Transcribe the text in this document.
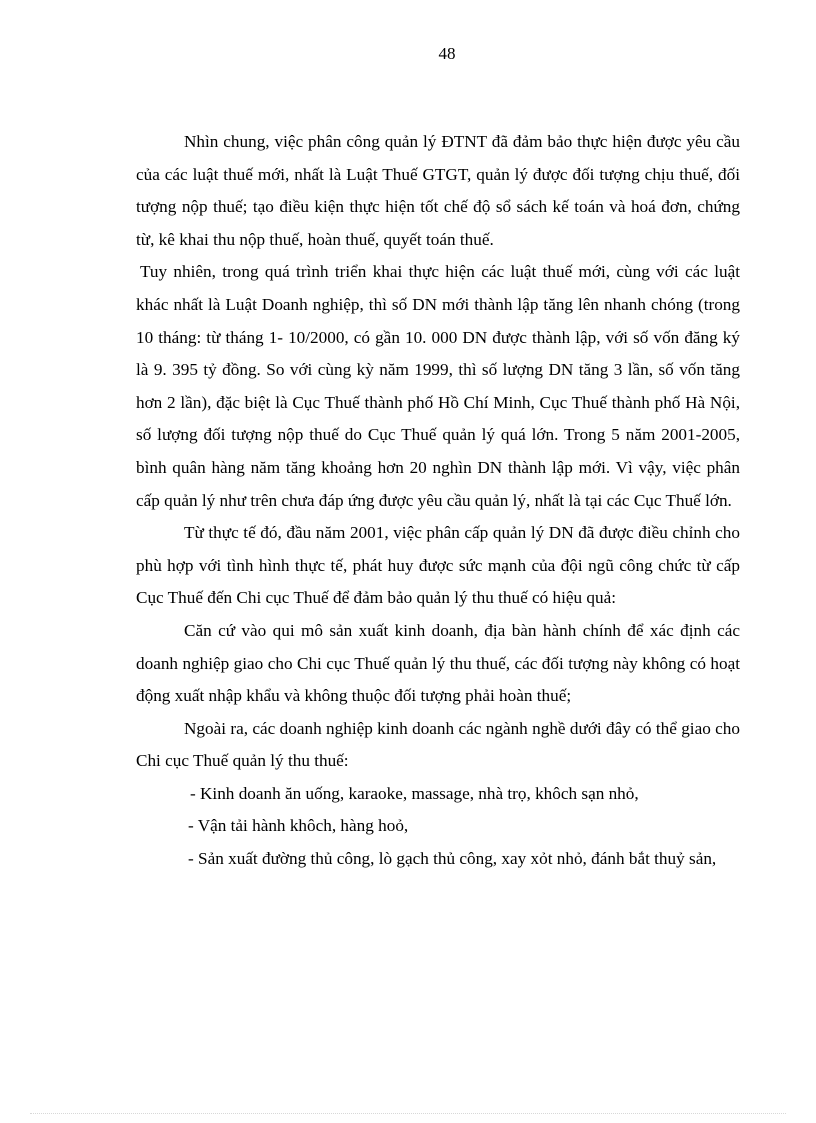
48

Nhìn chung, việc phân công quản lý ĐTNT đã đảm bảo thực hiện được yêu cầu của các luật thuế mới, nhất là Luật Thuế GTGT, quản lý được đối tượng chịu thuế, đối tượng nộp thuế; tạo điều kiện thực hiện tốt chế độ sổ sách kế toán và hoá đơn, chứng từ, kê khai thu nộp thuế, hoàn thuế, quyết toán thuế.

Tuy nhiên, trong quá trình triển khai thực hiện các luật thuế mới, cùng với các luật khác nhất là Luật Doanh nghiệp, thì số DN mới thành lập tăng lên nhanh chóng (trong 10 tháng: từ tháng 1- 10/2000, có gần 10. 000 DN được thành lập, với số vốn đăng ký là 9. 395 tỷ đồng. So với cùng kỳ năm 1999, thì số lượng DN tăng 3 lần, số vốn tăng hơn 2 lần), đặc biệt là Cục Thuế thành phố Hồ Chí Minh, Cục Thuế thành phố Hà Nội, số lượng đối tượng nộp thuế do Cục Thuế quản lý quá lớn. Trong 5 năm 2001-2005, bình quân hàng năm tăng khoảng hơn 20 nghìn DN thành lập mới. Vì vậy, việc phân cấp quản lý như trên chưa đáp ứng được yêu cầu quản lý, nhất là tại các Cục Thuế lớn.

Từ thực tế đó, đầu năm 2001, việc phân cấp quản lý DN đã được điều chỉnh cho phù hợp với tình hình thực tế, phát huy được sức mạnh của đội ngũ công chức từ cấp Cục Thuế đến Chi cục Thuế để đảm bảo quản lý thu thuế có hiệu quả:

Căn cứ vào qui mô sản xuất kinh doanh, địa bàn hành chính để xác định các doanh nghiệp giao cho Chi cục Thuế quản lý thu thuế, các đối tượng này không có hoạt động xuất nhập khẩu và không thuộc đối tượng phải hoàn thuế;

Ngoài ra, các doanh nghiệp kinh doanh các ngành nghề dưới đây có thể giao cho Chi cục Thuế quản lý thu thuế:

- Kinh doanh ăn uống, karaoke, massage, nhà trọ, khôch sạn nhỏ,

- Vận tải hành khôch, hàng hoỏ,

- Sản xuất đường thủ công, lò gạch thủ công, xay xỏt nhỏ, đánh bắt thuỷ sản,
